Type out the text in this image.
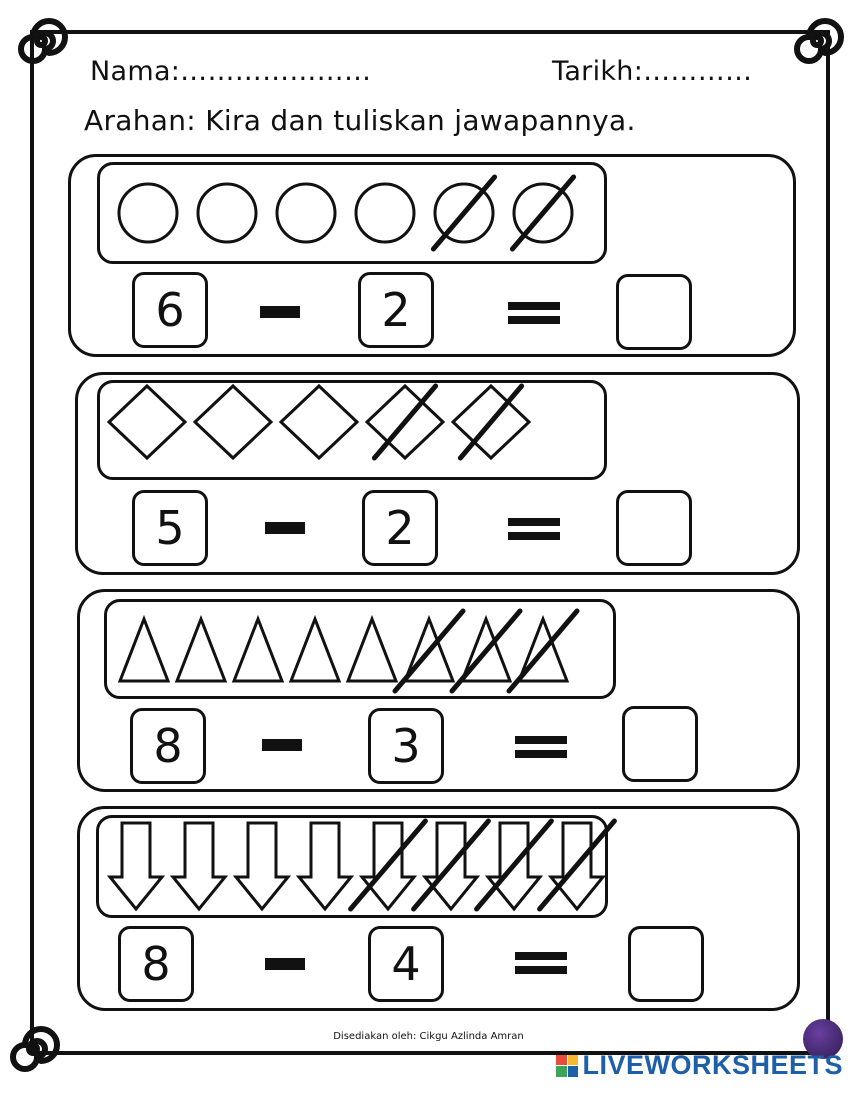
Nama:…………………	Tarikh:…………
Arahan: Kira dan tuliskan jawapannya.
6	2
5	2
8	3
8	4
Disediakan oleh: Cikgu Azlinda Amran
LIVEWORKSHEETS
